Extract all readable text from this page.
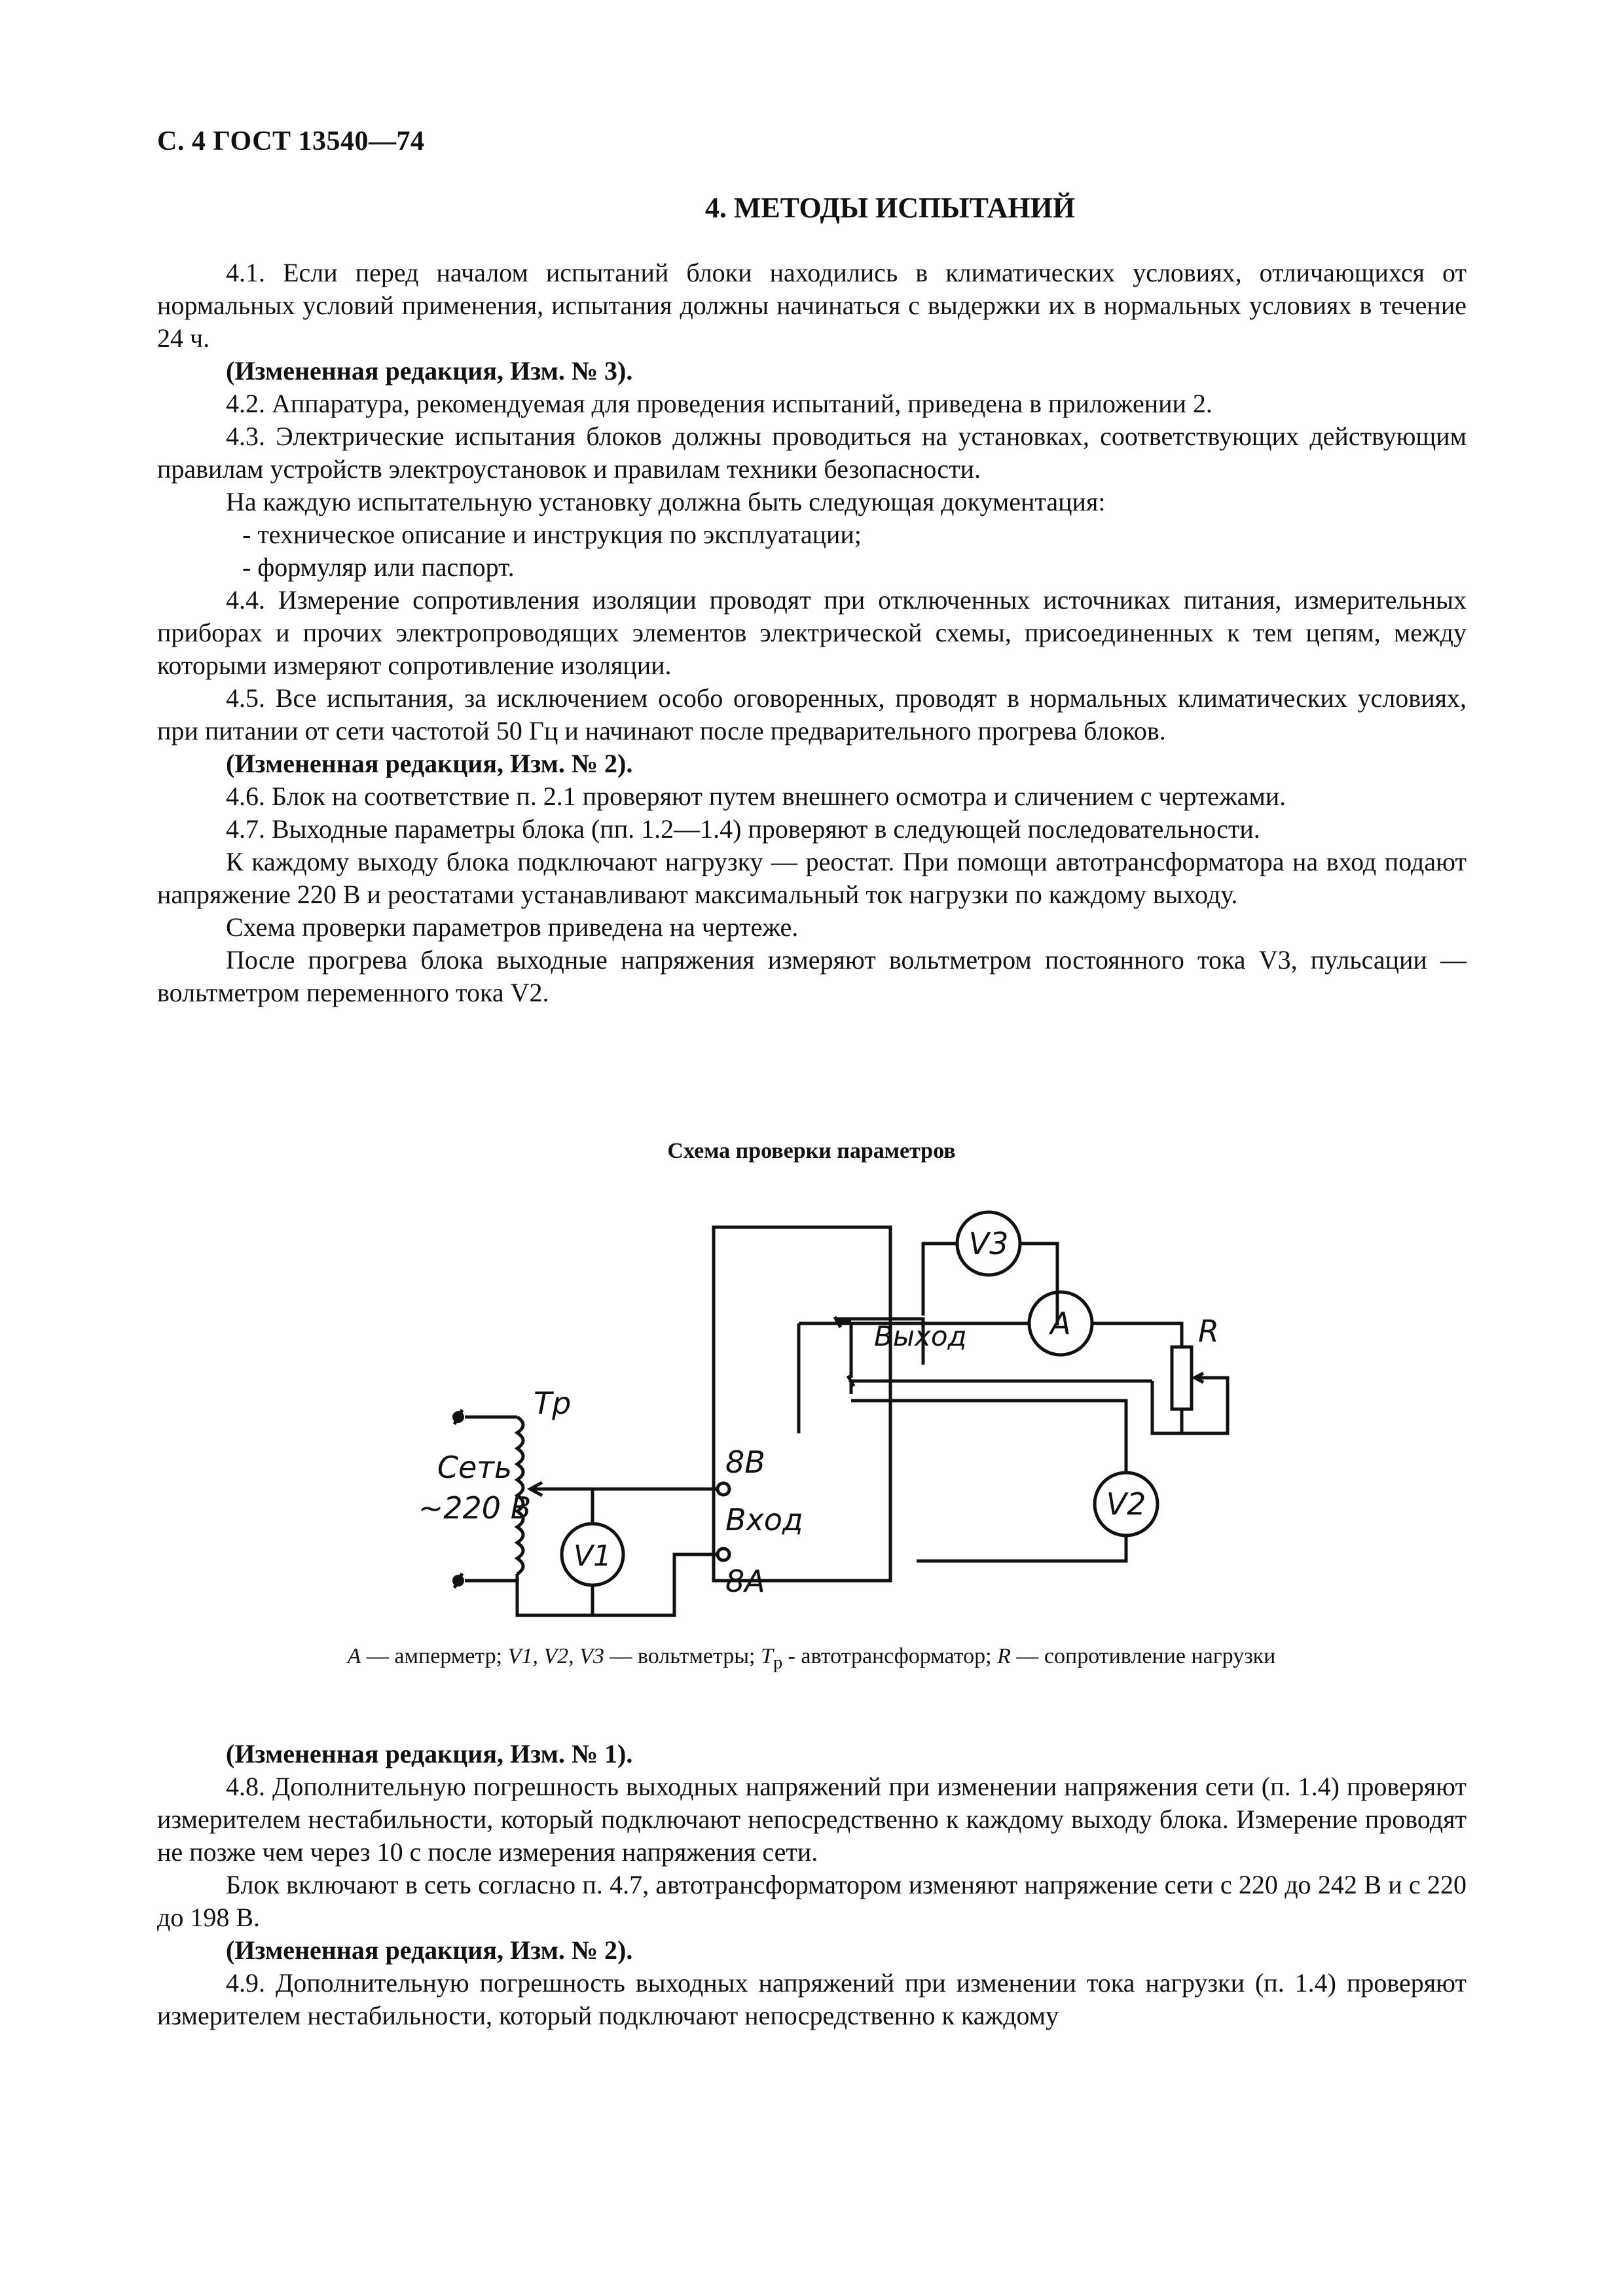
С. 4 ГОСТ 13540—74
4. МЕТОДЫ ИСПЫТАНИЙ

4.1. Если перед началом испытаний блоки находились в климатических условиях, отличающихся от нормальных условий применения, испытания должны начинаться с выдержки их в нормальных условиях в течение 24 ч.

(Измененная редакция, Изм. № 3).

4.2. Аппаратура, рекомендуемая для проведения испытаний, приведена в приложении 2.

4.3. Электрические испытания блоков должны проводиться на установках, соответствующих действующим правилам устройств электроустановок и правилам техники безопасности.

На каждую испытательную установку должна быть следующая документация:

- техническое описание и инструкция по эксплуатации;

- формуляр или паспорт.

4.4. Измерение сопротивления изоляции проводят при отключенных источниках питания, измерительных приборах и прочих электропроводящих элементов электрической схемы, присоединенных к тем цепям, между которыми измеряют сопротивление изоляции.

4.5. Все испытания, за исключением особо оговоренных, проводят в нормальных климатических условиях, при питании от сети частотой 50 Гц и начинают после предварительного прогрева блоков.

(Измененная редакция, Изм. № 2).

4.6. Блок на соответствие п. 2.1 проверяют путем внешнего осмотра и сличением с чертежами.

4.7. Выходные параметры блока (пп. 1.2—1.4) проверяют в следующей последовательности.

К каждому выходу блока подключают нагрузку — реостат. При помощи автотрансформатора на вход подают напряжение 220 В и реостатами устанавливают максимальный ток нагрузки по каждому выходу.

Схема проверки параметров приведена на чертеже.

После прогрева блока выходные напряжения измеряют вольтметром постоянного тока V3, пульсации — вольтметром переменного тока V2.

Схема проверки параметров
V3
A
Выход	R
Тр
Сеть
~220 В
V1
8В
Вход
8А
V2
A — амперметр; V1, V2, V3 — вольтметры; $Т_р$ - автотрансформатор; R — сопротивление нагрузки

(Измененная редакция, Изм. № 1).

4.8. Дополнительную погрешность выходных напряжений при изменении напряжения сети (п. 1.4) проверяют измерителем нестабильности, который подключают непосредственно к каждому выходу блока. Измерение проводят не позже чем через 10 с после измерения напряжения сети.

Блок включают в сеть согласно п. 4.7, автотрансформатором изменяют напряжение сети с 220 до 242 В и с 220 до 198 В.

(Измененная редакция, Изм. № 2).

4.9. Дополнительную погрешность выходных напряжений при изменении тока нагрузки (п. 1.4) проверяют измерителем нестабильности, который подключают непосредственно к каждому
